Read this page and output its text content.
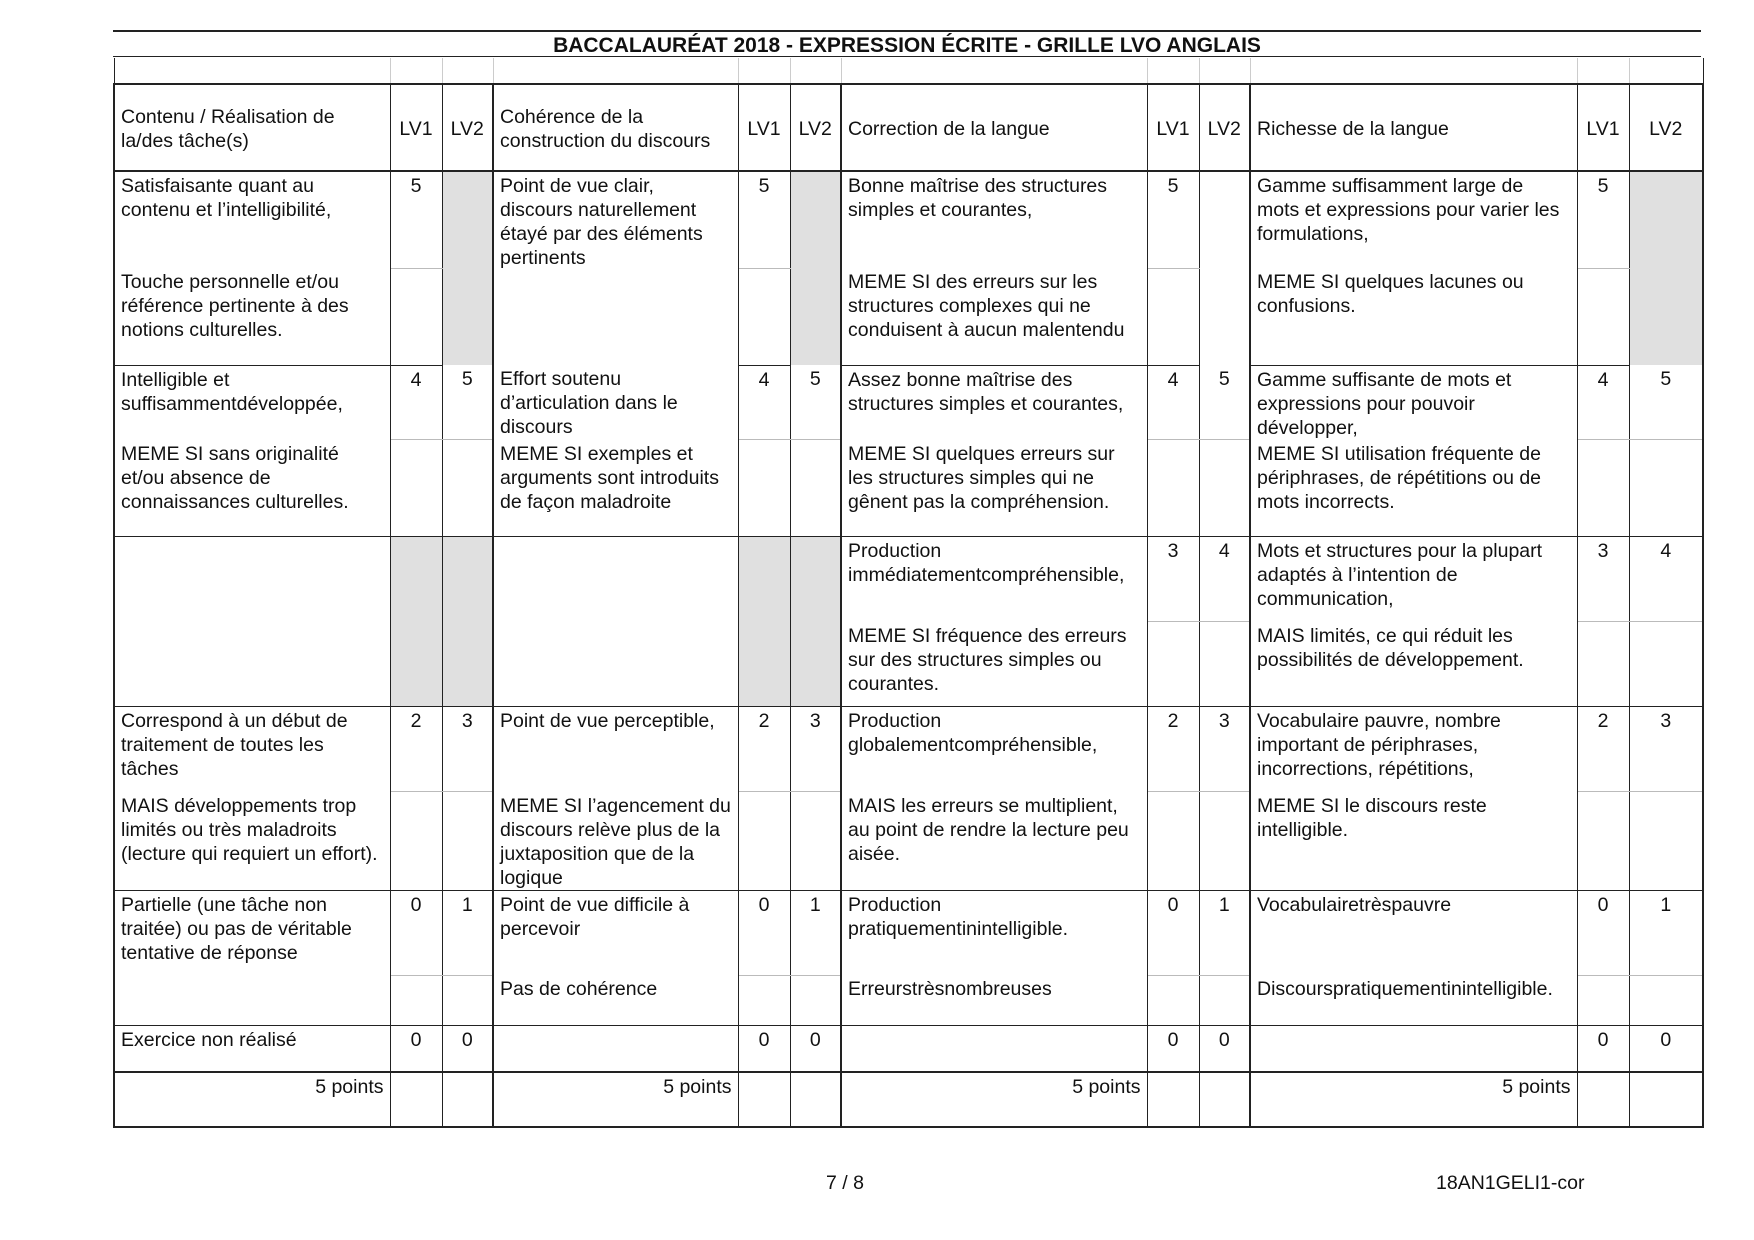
BACCALAURÉAT 2018 - EXPRESSION ÉCRITE - GRILLE LVO ANGLAIS

Contenu / Réalisation de la/des tâche(s)	LV1	LV2	Cohérence de la construction du discours	LV1	LV2	Correction de la langue	LV1	LV2	Richesse de la langue	LV1	LV2
Satisfaisante quant au contenu et l’intelligibilité,	5		Point de vue clair, discours naturellement étayé par des éléments pertinents	5		Bonne maîtrise des structures simples et courantes,	5		Gamme suffisamment large de mots et expressions pour varier les formulations,	5	
Touche personnelle et/ou référence pertinente à des notions culturelles.						MEME SI des erreurs sur les structures complexes qui ne conduisent à aucun malentendu			MEME SI quelques lacunes ou confusions.		
Intelligible et suffisammentdéveloppée,	4	5	Effort soutenu d’articulation dans le discours	4	5	Assez bonne maîtrise des structures simples et courantes,	4	5	Gamme suffisante de mots et expressions pour pouvoir développer,	4	5
MEME SI sans originalité et/ou absence de connaissances culturelles.			MEME SI exemples et arguments sont introduits de façon maladroite			MEME SI quelques erreurs sur les structures simples qui ne gênent pas la compréhension.			MEME SI utilisation fréquente de périphrases, de répétitions ou de mots incorrects.		
						Production immédiatementcompréhensible,	3	4	Mots et structures pour la plupart adaptés à l’intention de communication,	3	4
						MEME SI fréquence des erreurs sur des structures simples ou courantes.			MAIS limités, ce qui réduit les possibilités de développement.		
Correspond à un début de traitement de toutes les tâches	2	3	Point de vue perceptible,	2	3	Production globalementcompréhensible,	2	3	Vocabulaire pauvre, nombre important de périphrases, incorrections, répétitions,	2	3
MAIS développements trop limités ou très maladroits (lecture qui requiert un effort).			MEME SI l’agencement du discours relève plus de la juxtaposition que de la logique			MAIS les erreurs se multiplient, au point de rendre la lecture peu aisée.			MEME SI le discours reste intelligible.		
Partielle (une tâche non traitée) ou pas de véritable tentative de réponse	0	1	Point de vue difficile à percevoir	0	1	Production pratiquementinintelligible.	0	1	Vocabulairetrèspauvre	0	1
			Pas de cohérence			Erreurstrèsnombreuses			Discourspratiquementinintelligible.		
Exercice non réalisé	0	0		0	0		0	0		0	0
5 points			5 points			5 points			5 points		
7 / 8	18AN1GELI1-cor
